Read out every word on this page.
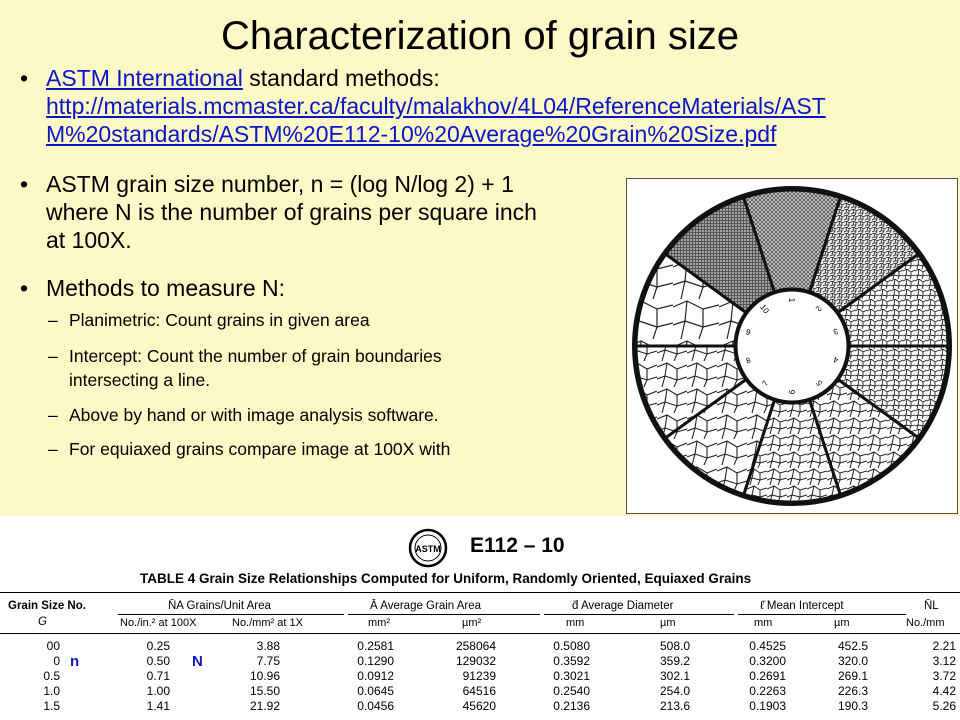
Characterization of grain size
• ASTM International standard methods:
http://materials.mcmaster.ca/faculty/malakhov/4L04/ReferenceMaterials/AST
M%20standards/ASTM%20E112-10%20Average%20Grain%20Size.pdf
• ASTM grain size number, n = (log N/log 2) + 1
where N is the number of grains per square inch
at 100X.
• Methods to measure N:
– Planimetric: Count grains in given area
– Intercept: Count the number of grain boundaries
intersecting a line.
– Above by hand or with image analysis software.
– For equiaxed grains compare image at 100X with
10
1
2
3
4
5
6
7
8
9
ASTM E112 – 10
TABLE 4 Grain Size Relationships Computed for Uniform, Randomly Oriented, Equiaxed Grains
Grain Size No.
G
N̄A Grains/Unit Area	Ā Average Grain Area	d̄ Average Diameter	ℓ̄ Mean Intercept	N̄L
No./in.² at 100X	No./mm² at 1X	mm²	µm²	mm	µm	mm	µm	No./mm
00	0.25	3.88	0.2581	258064	0.5080	508.0	0.4525	452.5	2.21
0	0.50	7.75	0.1290	129032	0.3592	359.2	0.3200	320.0	3.12
0.5	0.71	10.96	0.0912	91239	0.3021	302.1	0.2691	269.1	3.72
1.0	1.00	15.50	0.0645	64516	0.2540	254.0	0.2263	226.3	4.42
1.5	1.41	21.92	0.0456	45620	0.2136	213.6	0.1903	190.3	5.26
n	N
